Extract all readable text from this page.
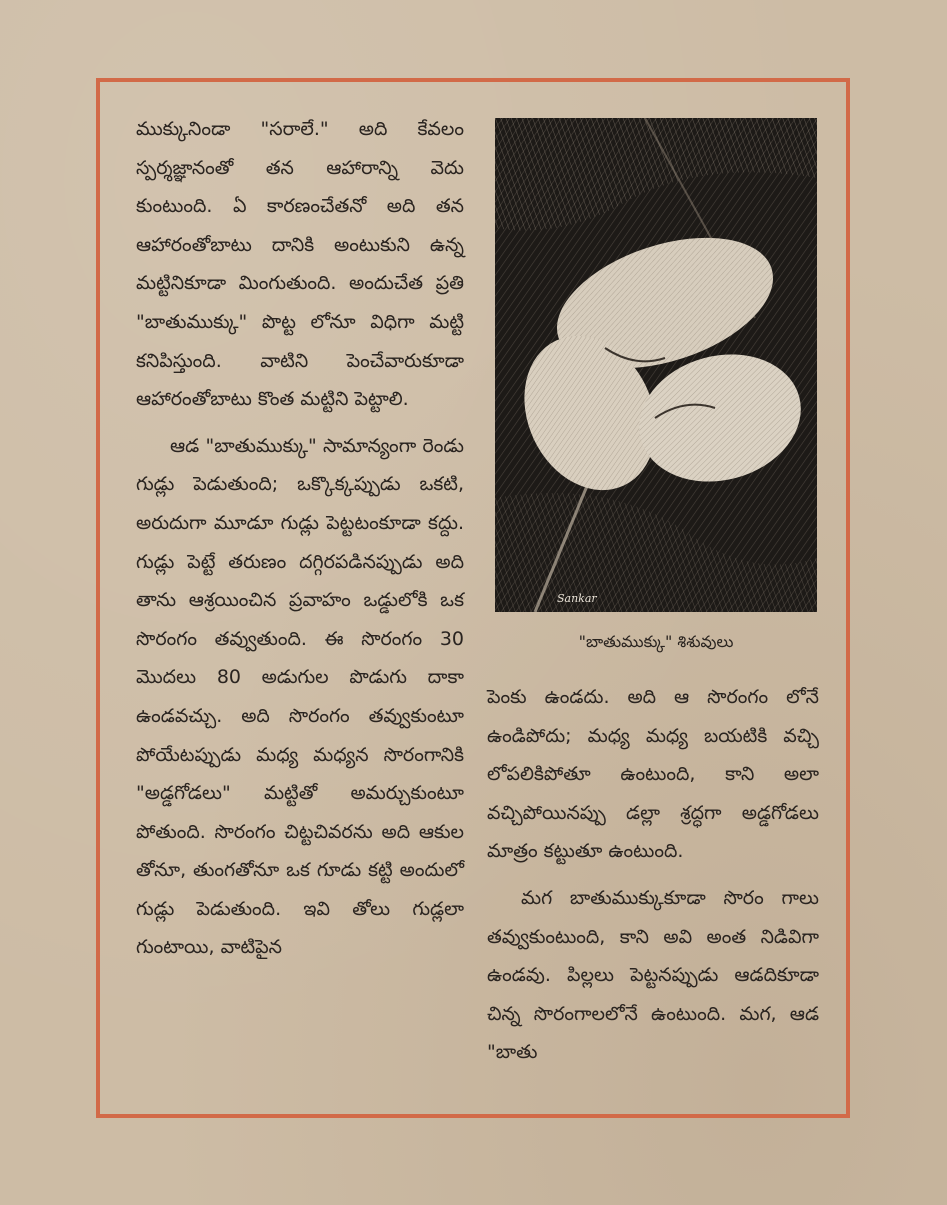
ముక్కునిండా "సరాలే." అది కేవలం స్పర్శజ్ఞానంతో తన ఆహారాన్ని వెదు కుంటుంది. ఏ కారణంచేతనో అది తన ఆహారంతోబాటు దానికి అంటుకుని ఉన్న మట్టినికూడా మింగుతుంది. అందుచేత ప్రతి "బాతుముక్కు" పొట్ట లోనూ విధిగా మట్టి కనిపిస్తుంది. వాటిని పెంచేవారుకూడా ఆహారంతోబాటు కొంత మట్టిని పెట్టాలి.

ఆడ "బాతుముక్కు" సామాన్యంగా రెండు గుడ్లు పెడుతుంది; ఒక్కొక్కప్పుడు ఒకటి, అరుదుగా మూడూ గుడ్లు పెట్టటంకూడా కద్దు. గుడ్లు పెట్టే తరుణం దగ్గిరపడినప్పుడు అది తాను ఆశ్రయించిన ప్రవాహం ఒడ్డులోకి ఒక సొరంగం తవ్వుతుంది. ఈ సొరంగం 30 మొదలు 80 అడుగుల పొడుగు దాకా ఉండవచ్చు. అది సొరంగం తవ్వుకుంటూ పోయేటప్పుడు మధ్య మధ్యన సొరంగానికి "అడ్డగోడలు" మట్టితో అమర్చుకుంటూ పోతుంది. సొరంగం చిట్టచివరను అది ఆకుల తోనూ, తుంగతోనూ ఒక గూడు కట్టి అందులో గుడ్లు పెడుతుంది. ఇవి తోలు గుడ్లలా గుంటాయి, వాటిపైన

Sankar
"బాతుముక్కు" శిశువులు

పెంకు ఉండదు. అది ఆ సొరంగం లోనే ఉండిపోదు; మధ్య మధ్య బయటికి వచ్చి లోపలికిపోతూ ఉంటుంది, కాని అలా వచ్చిపోయినప్పు డల్లా శ్రద్ధగా అడ్డగోడలు మాత్రం కట్టుతూ ఉంటుంది.

మగ బాతుముక్కుకూడా సొరం గాలు తవ్వుకుంటుంది, కాని అవి అంత నిడివిగా ఉండవు. పిల్లలు పెట్టనప్పుడు ఆడదికూడా చిన్న సొరంగాలలోనే ఉంటుంది. మగ, ఆడ "బాతు
